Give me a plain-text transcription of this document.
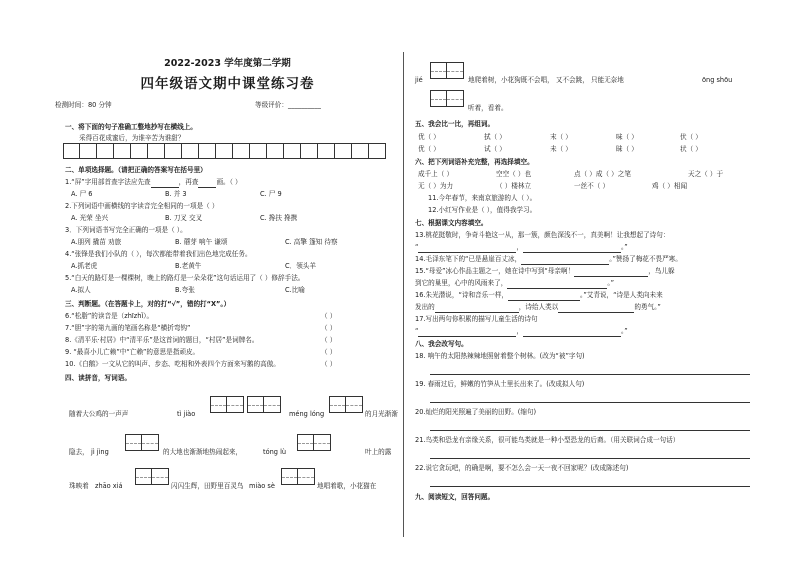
2022-2023 学年度第二学期
四年级语文期中课堂练习卷
检测时间：80 分钟	等级评价：__________
一、将下面的句子准确工整地抄写在横线上。
采得百花成蜜后，为谁辛苦为谁甜？
二、单项选择题。（请把正确的答案写在括号里）
1.“屏”字用部首查字法应先查	，再查	画。（ ）
A. 尸 6	B. 并 3	C. 尸 9
2.下列词语中画横线的字读音完全相同的一项是（ ）
A. 光荣 坐兴	B. 刀叉 交叉	C. 搀扶 搀携
3．下列词语书写完全正确的一项是（ ）。
A.朋列 撬苗 劝旅	B. 蘑芽 响午 谦颂	C. 高擎 篷知 待察
4.“张锋是我们小队的（ ），每次都能带着我们出色地完成任务。
A.抓老虎	B.老黄牛	C．领头羊
5.“白天的路灯是一棵棵树，晚上的路灯是一朵朵花”这句话运用了（ ）修辞手法。
A.拟人	B.夸张	C.比喻
三、判断题。（在答题卡上，对的打“√”，错的打“X”。）
6.“松脂”的读音是（zhīzhǐ）。	（ ）
7.“胆”字的第九画的笔画名称是“横折弯钩”	（ ）
8.《清平乐·村居》中“清平乐”是这首词的题目，“村居”是词牌名。	（ ）
9. “最喜小儿亡赖”中“亡赖”的意思是指顽皮。	（ ）
10.《白鹅》一文从它的叫声、步态、吃相和外表四个方面来写鹅的高傲。	（ ）
四、读拼音，写词语。
随着大公鸡的一声声	tì jiào	méng lóng	的月光渐渐
隐去， jì jìng	的大地也渐渐地热闹起来，	tóng lù	叶上的露
珠映着 zhāo xiá	闪闪生辉，田野里百灵鸟 miào sè	地唱着歌，小花猫在
jié	地爬着树，小花狗既不会唱， 又不会跳， 只能无奈地	ōng shōu
听着，看着。
五、我会比一比，再组词。
优（ ）	拭（ ）	末（ ）	味（ ）	伏（ ）
优（ ）	试（ ）	未（ ）	昧（ ）	状（ ）
六、把下列词语补充完整，再选择填空。
成千上（ ）	空空（ ）也	点（ ）成（ ）之笔	天之（ ）于
无（ ）为力	（ ）楼林立	一丝不（ ）	鸡（ ）相闻
11.今年春节，来南京旅游的人（ ）。
12.小红写作业是（ ），值得我学习。
七、根据课文内容填空。
13.桃花挺敬时，争奇斗艳这一从，那一簇，颜色深浅不一，真美啊！让我想起了诗句：
“	，	。”
14.毛泽东笔下的“已是悬崖百丈冰，	。”赞扬了梅花不畏严寒。
15.“母爱”冰心作品主题之一，她在诗中写到“母亲啊！	，鸟儿躲
到它的巢里，心中的风雨来了，	。”
16.朱光潜说，“诗和音乐一样，	。”艾青说，“诗是人类向未来
发出的	，诗给人类以	的勇气。”
17.写出两句你积累的描写儿童生活的诗句
“	，	。”
八、我会改写句。
18. 响午的太阳热辣辣地照射着整个树林。(改为“被”字句)
19. 春雨过后，鲜嫩的竹笋从土里长出来了。(改成拟人句)
20.灿烂的阳光照遍了美丽的田野。(缩句)
21.鸟类和恐龙有亲缘关系，很可能鸟类就是一种小型恐龙的后裔。（用关联词合成一句话）
22.说它贪玩吧，的确是啊，要不怎么会一天一夜不回家呢？(改成陈述句)
九、阅读短文，回答问题。
